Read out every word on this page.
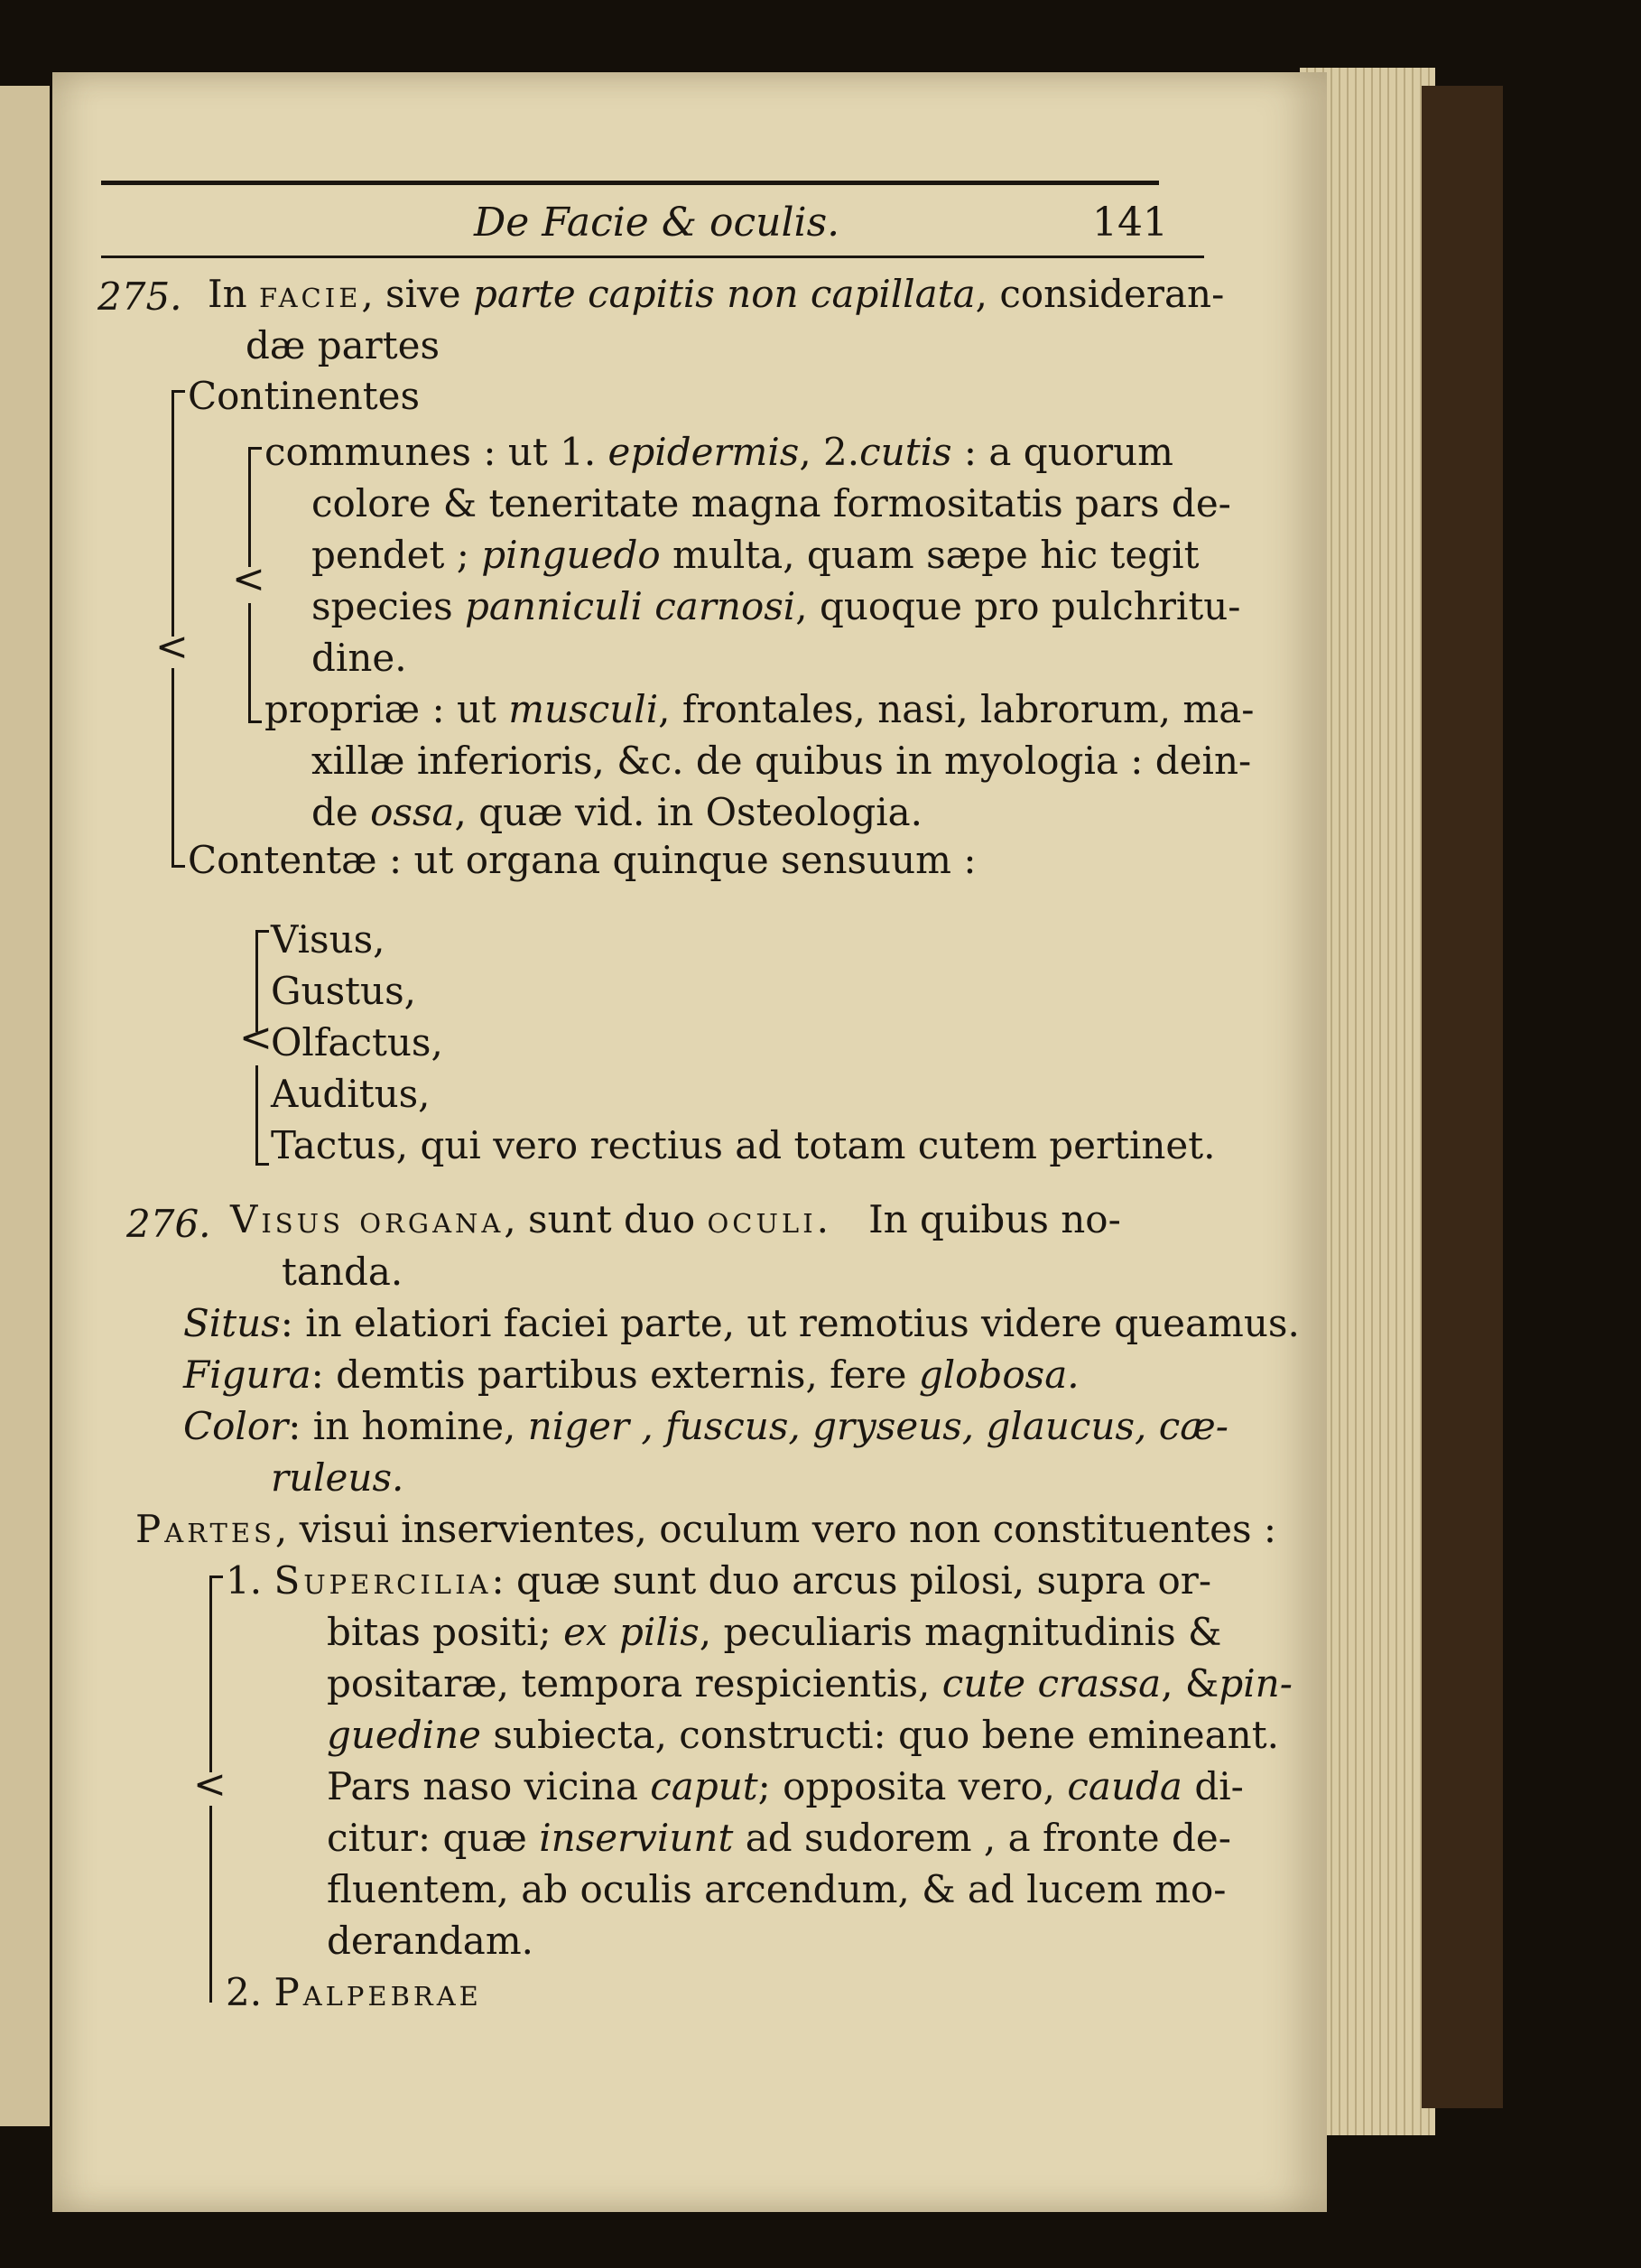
De Facie & oculis.	141
275. In facie, sive parte capitis non capillata, consideran-
dæ partes
<
Continentes
<
communes : ut 1. epidermis, 2.cutis : a quorum
colore & teneritate magna formositatis pars de-
pendet ; pinguedo multa, quam sæpe hic tegit
species panniculi carnosi, quoque pro pulchritu-
dine.
propriæ : ut musculi, frontales, nasi, labrorum, ma-
xillæ inferioris, &c. de quibus in myologia : dein-
de ossa, quæ vid. in Osteologia.
Contentæ : ut organa quinque sensuum :
<
Visus,
Gustus,
Olfactus,
Auditus,
Tactus, qui vero rectius ad totam cutem pertinet.
276. Visus organa, sunt duo oculi. In quibus no-
tanda.
Situs: in elatiori faciei parte, ut remotius videre queamus.
Figura: demtis partibus externis, fere globosa.
Color: in homine, niger , fuscus, gryseus, glaucus, cæ-
ruleus.
Partes, visui inservientes, oculum vero non constituentes :
<
1. Supercilia: quæ sunt duo arcus pilosi, supra or-
bitas positi; ex pilis, peculiaris magnitudinis &
positaræ, tempora respicientis, cute crassa, &pin-
guedine subiecta, constructi: quo bene emineant.
Pars naso vicina caput; opposita vero, cauda di-
citur: quæ inserviunt ad sudorem , a fronte de-
fluentem, ab oculis arcendum, & ad lucem mo-
derandam.
2. Palpebrae
